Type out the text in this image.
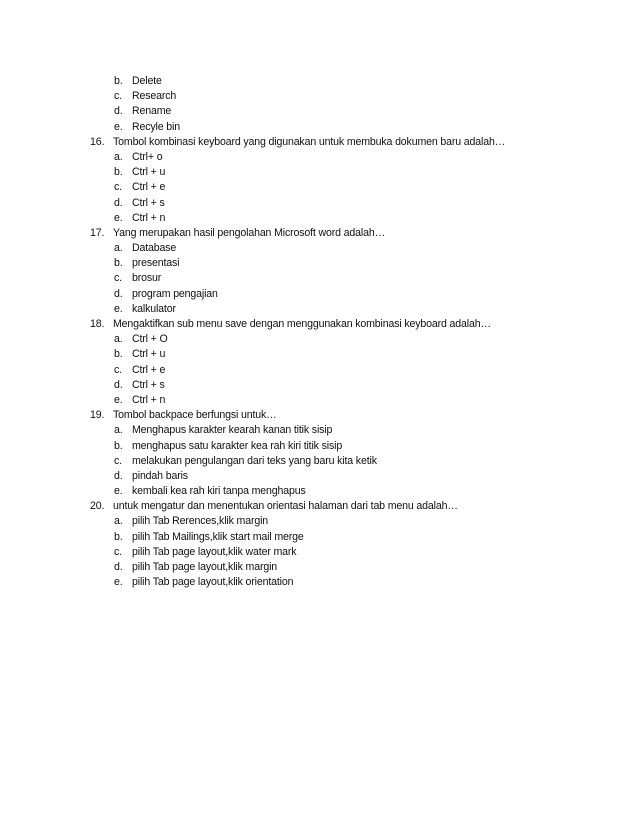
b. Delete
c. Research
d. Rename
e. Recyle bin
16. Tombol kombinasi keyboard yang digunakan untuk membuka dokumen baru adalah…
a. Ctrl+ o
b. Ctrl + u
c. Ctrl + e
d. Ctrl + s
e. Ctrl + n
17. Yang merupakan hasil pengolahan Microsoft word adalah…
a. Database
b. presentasi
c. brosur
d. program pengajian
e. kalkulator
18. Mengaktifkan sub menu save dengan menggunakan kombinasi keyboard adalah…
a. Ctrl + O
b. Ctrl + u
c. Ctrl + e
d. Ctrl + s
e. Ctrl + n
19. Tombol backpace berfungsi untuk…
a. Menghapus karakter kearah kanan titik sisip
b. menghapus satu karakter kea rah kiri titik sisip
c. melakukan pengulangan dari teks yang baru kita ketik
d. pindah baris
e. kembali kea rah kiri tanpa menghapus
20. untuk mengatur dan menentukan orientasi halaman dari tab menu adalah…
a. pilih Tab Rerences,klik margin
b. pilih Tab Mailings,klik start mail merge
c. pilih Tab page layout,klik water mark
d. pilih Tab page layout,klik margin
e. pilih Tab page layout,klik orientation
